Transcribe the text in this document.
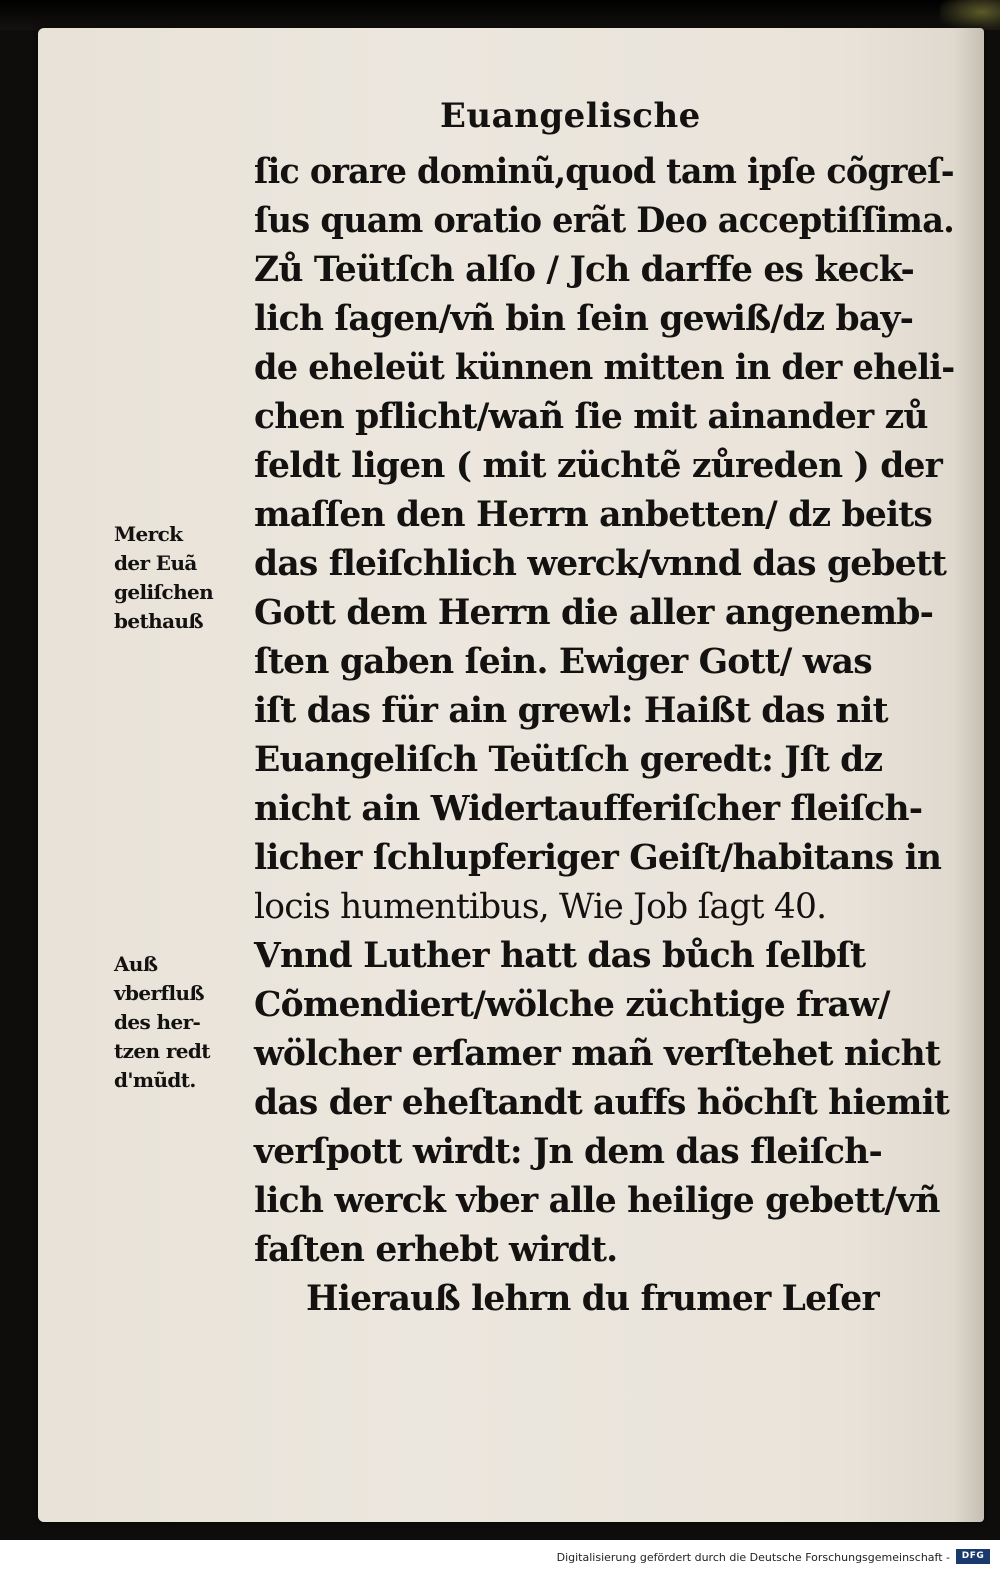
Euangelische

ſic orare dominũ,quod tam ipſe cõgreſ-
ſus quam oratio erãt Deo acceptiſſima.
Zů Teütſch alſo / Jch darffe es keck-
lich ſagen/vñ bin ſein gewiß/dz bay-
de eheleüt künnen mitten in der eheli-
chen pflicht/wañ ſie mit ainander zů
feldt ligen ( mit züchtẽ zůreden ) der
maſſen den Herrn anbetten/ dz beits
das fleiſchlich werck/vnnd das gebett
Gott dem Herrn die aller angenemb-
ſten gaben ſein. Ewiger Gott/ was
iſt das für ain grewl: Haißt das nit
Euangeliſch Teütſch geredt: Jſt dz
nicht ain Widertaufferiſcher fleiſch-
licher ſchlupferiger Geiſt/habitans in
locis humentibus, Wie Job ſagt 40.
Vnnd Luther hatt das bůch ſelbſt
Cõmendiert/wölche züchtige fraw/
wölcher erſamer mañ verſtehet nicht
das der eheſtandt auffs höchſt hiemit
verſpott wirdt: Jn dem das fleiſch-
lich werck vber alle heilige gebett/vñ
faſten erhebt wirdt.
Hierauß lehrn du frumer Leſer
Merck
der Euã
geliſchen
bethauß
Auß
vberfluß
des her-
tzen redt
d'mũdt.
Digitalisierung gefördert durch die Deutsche Forschungsgemeinschaft -	DFG
